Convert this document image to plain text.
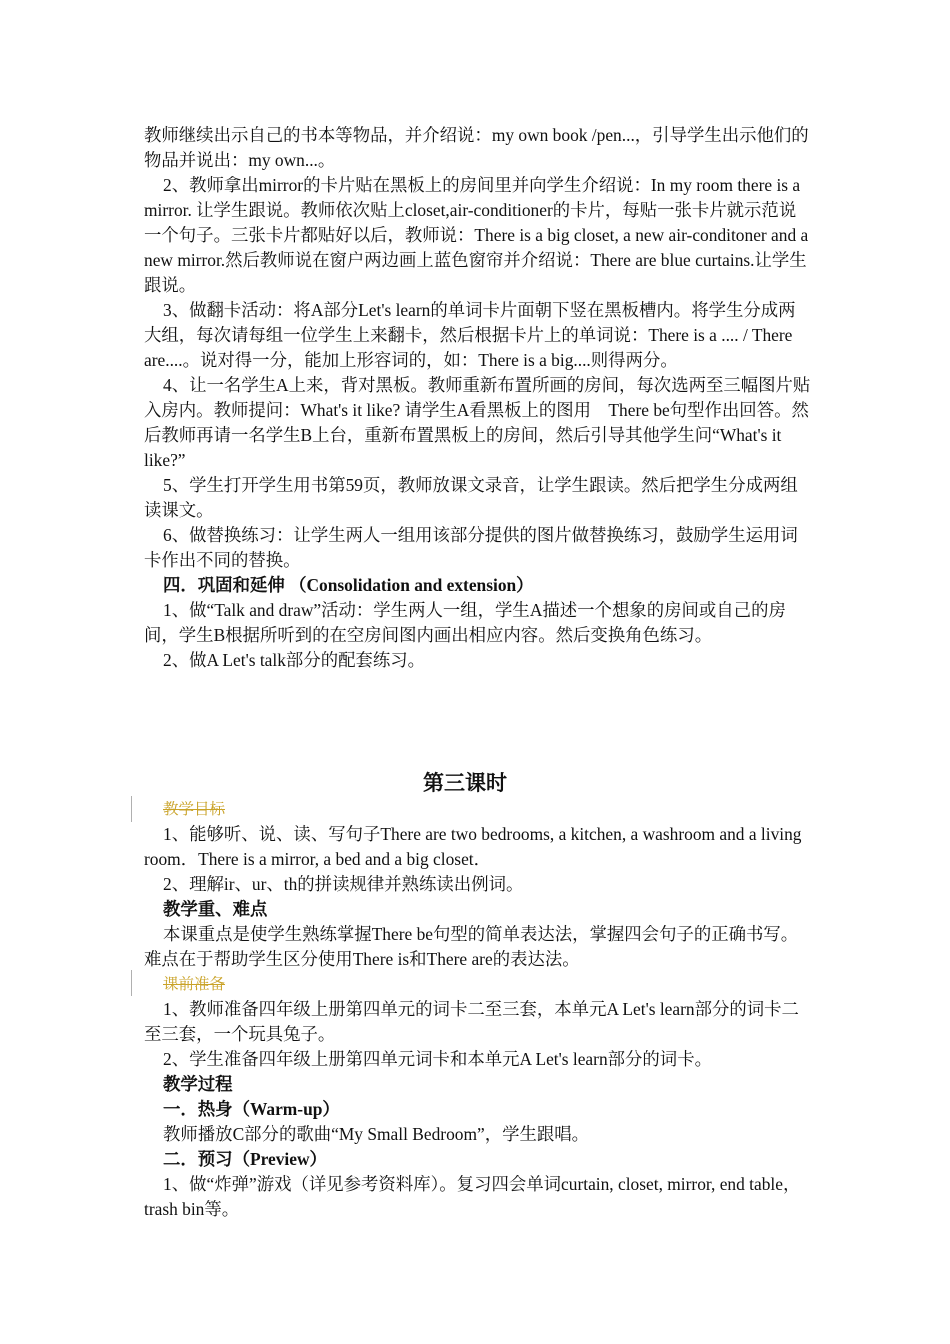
教师继续出示自己的书本等物品，并介绍说：my own book /pen...，引导学生出示他们的物品并说出：my own...。

2、教师拿出mirror的卡片贴在黑板上的房间里并向学生介绍说：In my room there is a mirror. 让学生跟说。教师依次贴上closet,air-conditioner的卡片，每贴一张卡片就示范说一个句子。三张卡片都贴好以后，教师说：There is a big closet, a new air-conditoner and a new mirror.然后教师说在窗户两边画上蓝色窗帘并介绍说：There are blue curtains.让学生跟说。

3、做翻卡活动：将A部分Let's learn的单词卡片面朝下竖在黑板槽内。将学生分成两大组，每次请每组一位学生上来翻卡，然后根据卡片上的单词说：There is a .... / There are....。说对得一分，能加上形容词的，如：There is a big....则得两分。

4、让一名学生A上来，背对黑板。教师重新布置所画的房间，每次选两至三幅图片贴入房内。教师提问：What's it like? 请学生A看黑板上的图用　There be句型作出回答。然后教师再请一名学生B上台，重新布置黑板上的房间，然后引导其他学生问“What's it like?”

5、学生打开学生用书第59页，教师放课文录音，让学生跟读。然后把学生分成两组读课文。

6、做替换练习：让学生两人一组用该部分提供的图片做替换练习，鼓励学生运用词卡作出不同的替换。

四．巩固和延伸 （Consolidation and extension）

1、做“Talk and draw”活动：学生两人一组，学生A描述一个想象的房间或自己的房间，学生B根据所听到的在空房间图内画出相应内容。然后变换角色练习。

2、做A Let's talk部分的配套练习。

第三课时

教学目标

1、能够听、说、读、写句子There are two bedrooms, a kitchen, a washroom and a living room．There is a mirror, a bed and a big closet．

2、理解ir、ur、th的拼读规律并熟练读出例词。

教学重、难点

本课重点是使学生熟练掌握There be句型的简单表达法，掌握四会句子的正确书写。难点在于帮助学生区分使用There is和There are的表达法。

课前准备

1、教师准备四年级上册第四单元的词卡二至三套，本单元A Let's learn部分的词卡二至三套，一个玩具兔子。

2、学生准备四年级上册第四单元词卡和本单元A Let's learn部分的词卡。

教学过程

一．热身（Warm-up）

教师播放C部分的歌曲“My Small Bedroom”，学生跟唱。

二．预习（Preview）

1、做“炸弹”游戏（详见参考资料库）。复习四会单词curtain, closet, mirror, end table，trash bin等。
